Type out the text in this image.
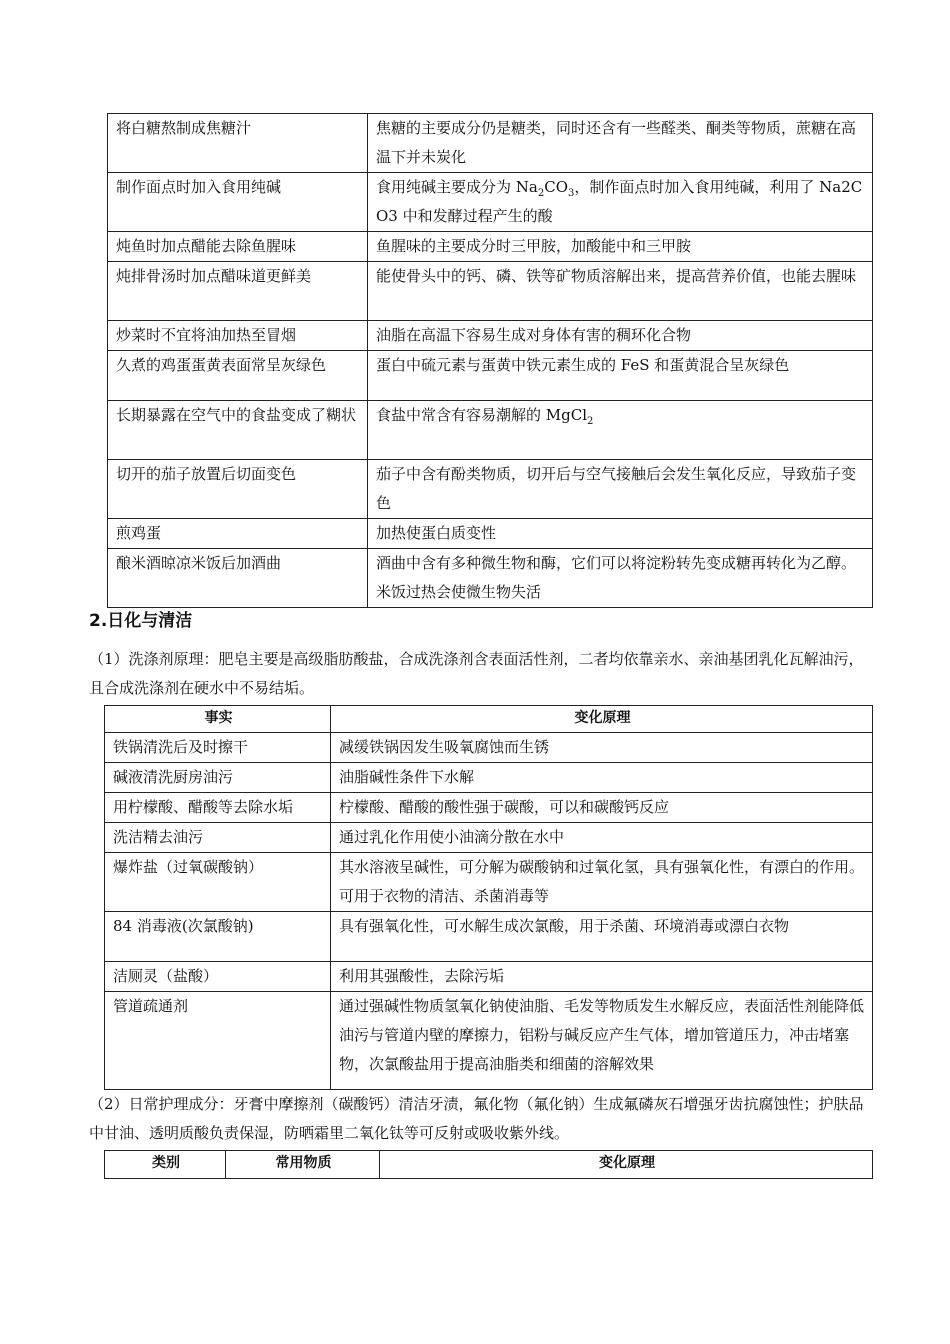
将白糖熬制成焦糖汁	焦糖的主要成分仍是糖类，同时还含有一些醛类、酮类等物质，蔗糖在高温下并未炭化
制作面点时加入食用纯碱	食用纯碱主要成分为 $Na_2CO_3$，制作面点时加入食用纯碱，利用了 Na2CO3 中和发酵过程产生的酸
炖鱼时加点醋能去除鱼腥味	鱼腥味的主要成分时三甲胺，加酸能中和三甲胺
炖排骨汤时加点醋味道更鲜美	能使骨头中的钙、磷、铁等矿物质溶解出来，提高营养价值，也能去腥味
炒菜时不宜将油加热至冒烟	油脂在高温下容易生成对身体有害的稠环化合物
久煮的鸡蛋蛋黄表面常呈灰绿色	蛋白中硫元素与蛋黄中铁元素生成的 FeS 和蛋黄混合呈灰绿色
长期暴露在空气中的食盐变成了糊状	食盐中常含有容易潮解的 MgCl$_2$
切开的茄子放置后切面变色	茄子中含有酚类物质，切开后与空气接触后会发生氧化反应，导致茄子变色
煎鸡蛋	加热使蛋白质变性
酿米酒晾凉米饭后加酒曲	酒曲中含有多种微生物和酶，它们可以将淀粉转先变成糖再转化为乙醇。米饭过热会使微生物失活
2.日化与清洁

（1）洗涤剂原理：肥皂主要是高级脂肪酸盐，合成洗涤剂含表面活性剂，二者均依靠亲水、亲油基团乳化瓦解油污，且合成洗涤剂在硬水中不易结垢。

事实	变化原理
铁锅清洗后及时擦干	减缓铁锅因发生吸氧腐蚀而生锈
碱液清洗厨房油污	油脂碱性条件下水解
用柠檬酸、醋酸等去除水垢	柠檬酸、醋酸的酸性强于碳酸，可以和碳酸钙反应
洗洁精去油污	通过乳化作用使小油滴分散在水中
爆炸盐（过氧碳酸钠）	其水溶液呈碱性，可分解为碳酸钠和过氧化氢，具有强氧化性，有漂白的作用。可用于衣物的清洁、杀菌消毒等
84 消毒液(次氯酸钠)	具有强氧化性，可水解生成次氯酸，用于杀菌、环境消毒或漂白衣物
洁厕灵（盐酸）	利用其强酸性，去除污垢
管道疏通剂	通过强碱性物质氢氧化钠使油脂、毛发等物质发生水解反应，表面活性剂能降低油污与管道内壁的摩擦力，铝粉与碱反应产生气体，增加管道压力，冲击堵塞物，次氯酸盐用于提高油脂类和细菌的溶解效果

（2）日常护理成分：牙膏中摩擦剂（碳酸钙）清洁牙渍，氟化物（氟化钠）生成氟磷灰石增强牙齿抗腐蚀性；护肤品中甘油、透明质酸负责保湿，防晒霜里二氧化钛等可反射或吸收紫外线。

类别	常用物质	变化原理
